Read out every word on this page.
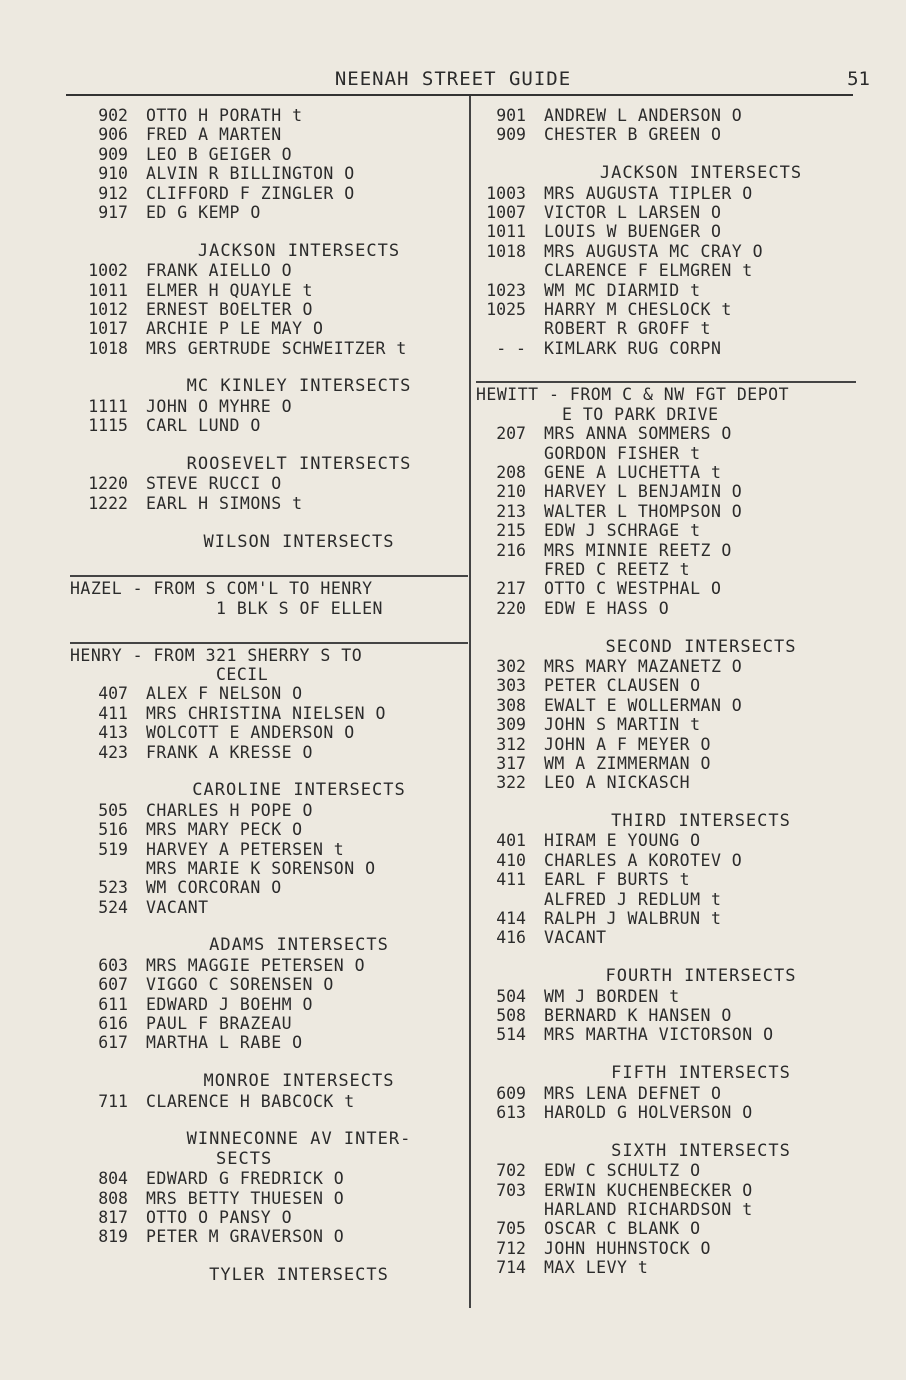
NEENAH STREET GUIDE	51
902	OTTO H PORATH t
906	FRED A MARTEN
909	LEO B GEIGER O
910	ALVIN R BILLINGTON O
912	CLIFFORD F ZINGLER O
917	ED G KEMP O
JACKSON INTERSECTS
1002	FRANK AIELLO O
1011	ELMER H QUAYLE t
1012	ERNEST BOELTER O
1017	ARCHIE P LE MAY O
1018	MRS GERTRUDE SCHWEITZER t
MC KINLEY INTERSECTS
1111	JOHN O MYHRE O
1115	CARL LUND O
ROOSEVELT INTERSECTS
1220	STEVE RUCCI O
1222	EARL H SIMONS t
WILSON INTERSECTS
HAZEL - FROM S COM'L TO HENRY
1 BLK S OF ELLEN
HENRY - FROM 321 SHERRY S TO
CECIL
407	ALEX F NELSON O
411	MRS CHRISTINA NIELSEN O
413	WOLCOTT E ANDERSON O
423	FRANK A KRESSE O
CAROLINE INTERSECTS
505	CHARLES H POPE O
516	MRS MARY PECK O
519	HARVEY A PETERSEN t
MRS MARIE K SORENSON O
523	WM CORCORAN O
524	VACANT
ADAMS INTERSECTS
603	MRS MAGGIE PETERSEN O
607	VIGGO C SORENSEN O
611	EDWARD J BOEHM O
616	PAUL F BRAZEAU
617	MARTHA L RABE O
MONROE INTERSECTS
711	CLARENCE H BABCOCK t
WINNECONNE AV INTER-
SECTS
804	EDWARD G FREDRICK O
808	MRS BETTY THUESEN O
817	OTTO O PANSY O
819	PETER M GRAVERSON O
TYLER INTERSECTS
901	ANDREW L ANDERSON O
909	CHESTER B GREEN O
JACKSON INTERSECTS
1003	MRS AUGUSTA TIPLER O
1007	VICTOR L LARSEN O
1011	LOUIS W BUENGER O
1018	MRS AUGUSTA MC CRAY O
CLARENCE F ELMGREN t
1023	WM MC DIARMID t
1025	HARRY M CHESLOCK t
ROBERT R GROFF t
- -	KIMLARK RUG CORPN
HEWITT - FROM C & NW FGT DEPOT
E TO PARK DRIVE
207	MRS ANNA SOMMERS O
GORDON FISHER t
208	GENE A LUCHETTA t
210	HARVEY L BENJAMIN O
213	WALTER L THOMPSON O
215	EDW J SCHRAGE t
216	MRS MINNIE REETZ O
FRED C REETZ t
217	OTTO C WESTPHAL O
220	EDW E HASS O
SECOND INTERSECTS
302	MRS MARY MAZANETZ O
303	PETER CLAUSEN O
308	EWALT E WOLLERMAN O
309	JOHN S MARTIN t
312	JOHN A F MEYER O
317	WM A ZIMMERMAN O
322	LEO A NICKASCH
THIRD INTERSECTS
401	HIRAM E YOUNG O
410	CHARLES A KOROTEV O
411	EARL F BURTS t
ALFRED J REDLUM t
414	RALPH J WALBRUN t
416	VACANT
FOURTH INTERSECTS
504	WM J BORDEN t
508	BERNARD K HANSEN O
514	MRS MARTHA VICTORSON O
FIFTH INTERSECTS
609	MRS LENA DEFNET O
613	HAROLD G HOLVERSON O
SIXTH INTERSECTS
702	EDW C SCHULTZ O
703	ERWIN KUCHENBECKER O
HARLAND RICHARDSON t
705	OSCAR C BLANK O
712	JOHN HUHNSTOCK O
714	MAX LEVY t
